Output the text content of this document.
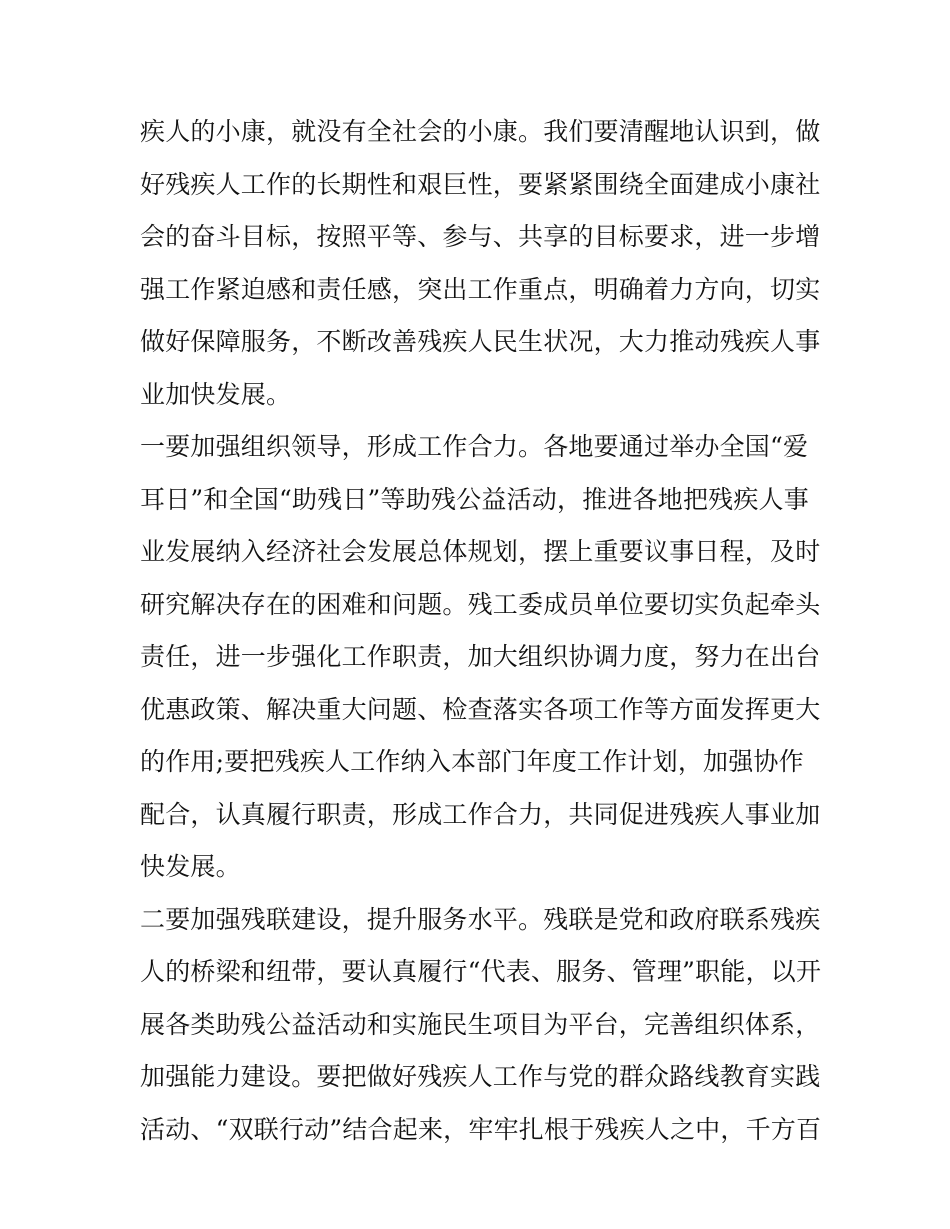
疾人的小康，就没有全社会的小康。我们要清醒地认识到，做
好残疾人工作的长期性和艰巨性，要紧紧围绕全面建成小康社
会的奋斗目标，按照平等、参与、共享的目标要求，进一步增
强工作紧迫感和责任感，突出工作重点，明确着力方向，切实
做好保障服务，不断改善残疾人民生状况，大力推动残疾人事
业加快发展。
一要加强组织领导，形成工作合力。各地要通过举办全国“爱
耳日”和全国“助残日”等助残公益活动，推进各地把残疾人事
业发展纳入经济社会发展总体规划，摆上重要议事日程，及时
研究解决存在的困难和问题。残工委成员单位要切实负起牵头
责任，进一步强化工作职责，加大组织协调力度，努力在出台
优惠政策、解决重大问题、检查落实各项工作等方面发挥更大
的作用;要把残疾人工作纳入本部门年度工作计划，加强协作
配合，认真履行职责，形成工作合力，共同促进残疾人事业加
快发展。
二要加强残联建设，提升服务水平。残联是党和政府联系残疾
人的桥梁和纽带，要认真履行“代表、服务、管理”职能，以开
展各类助残公益活动和实施民生项目为平台，完善组织体系，
加强能力建设。要把做好残疾人工作与党的群众路线教育实践
活动、“双联行动”结合起来，牢牢扎根于残疾人之中，千方百
